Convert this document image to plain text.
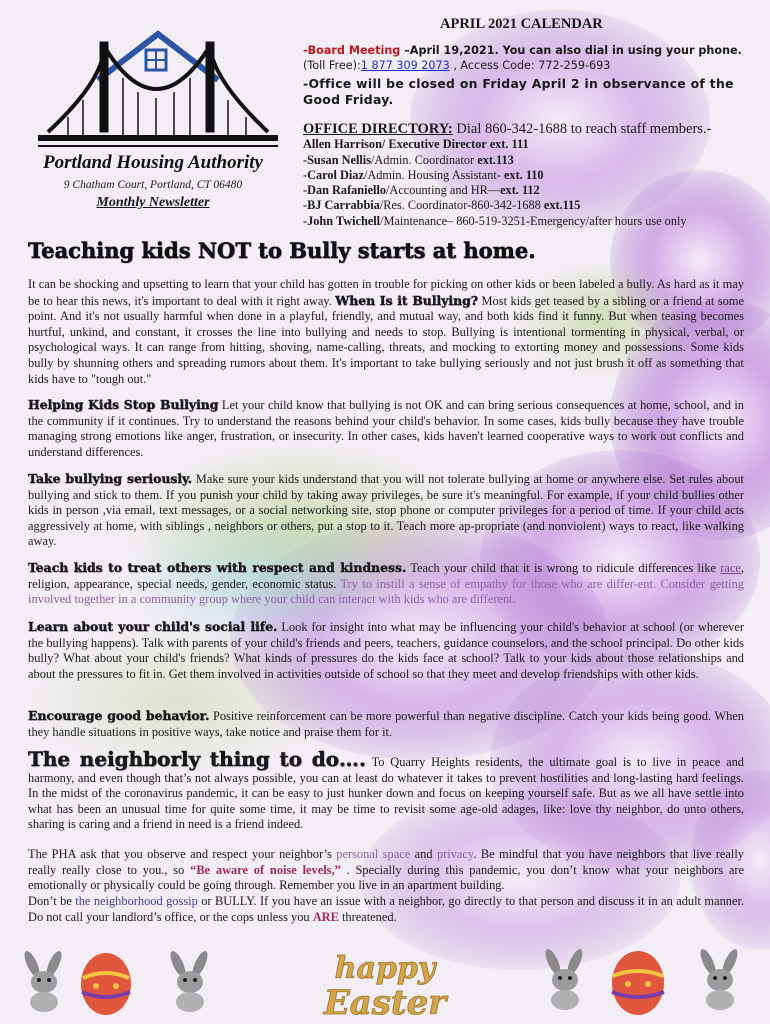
Portland Housing Authority
9 Chatham Court, Portland, CT 06480
Monthly Newsletter
APRIL 2021 CALENDAR
-Board Meeting –April 19,2021. You can also dial in using your phone. (Toll Free):1 877 309 2073 , Access Code: 772-259-693
-Office will be closed on Friday April 2 in observance of the Good Friday.
OFFICE DIRECTORY: Dial 860-342-1688 to reach staff members.-
Allen Harrison/ Executive Director ext. 111
-Susan Nellis/Admin. Coordinator ext.113
-Carol Diaz/Admin. Housing Assistant- ext. 110
-Dan Rafaniello/Accounting and HR—ext. 112
-BJ Carrabbia/Res. Coordinator-860-342-1688 ext.115
-John Twichell/Maintenance– 860-519-3251-Emergency/after hours use only
Teaching kids NOT to Bully starts at home.
It can be shocking and upsetting to learn that your child has gotten in trouble for picking on other kids or been labeled a bully. As hard as it may be to hear this news, it's important to deal with it right away. When Is it Bullying? Most kids get teased by a sibling or a friend at some point. And it's not usually harmful when done in a playful, friendly, and mutual way, and both kids find it funny. But when teasing becomes hurtful, unkind, and constant, it crosses the line into bullying and needs to stop. Bullying is intentional tormenting in physical, verbal, or psychological ways. It can range from hitting, shoving, name-calling, threats, and mocking to extorting money and possessions. Some kids bully by shunning others and spreading rumors about them. It's important to take bullying seriously and not just brush it off as something that kids have to "tough out."
Helping Kids Stop Bullying Let your child know that bullying is not OK and can bring serious consequences at home, school, and in the community if it continues. Try to understand the reasons behind your child's behavior. In some cases, kids bully because they have trouble managing strong emotions like anger, frustration, or insecurity. In other cases, kids haven't learned cooperative ways to work out conflicts and understand differences.
Take bullying seriously. Make sure your kids understand that you will not tolerate bullying at home or anywhere else. Set rules about bullying and stick to them. If you punish your child by taking away privileges, be sure it's meaningful. For example, if your child bullies other kids in person ,via email, text messages, or a social networking site, stop phone or computer privileges for a period of time. If your child acts aggressively at home, with siblings , neighbors or others, put a stop to it. Teach more ap-propriate (and nonviolent) ways to react, like walking away.
Teach kids to treat others with respect and kindness. Teach your child that it is wrong to ridicule differences like race, religion, appearance, special needs, gender, economic status. Try to instill a sense of empathy for those who are differ-ent. Consider getting involved together in a community group where your child can interact with kids who are different.
Learn about your child's social life. Look for insight into what may be influencing your child's behavior at school (or wherever the bullying happens). Talk with parents of your child's friends and peers, teachers, guidance counselors, and the school principal. Do other kids bully? What about your child's friends? What kinds of pressures do the kids face at school? Talk to your kids about those relationships and about the pressures to fit in. Get them involved in activities outside of school so that they meet and develop friendships with other kids.
Encourage good behavior. Positive reinforcement can be more powerful than negative discipline. Catch your kids being good. When they handle situations in positive ways, take notice and praise them for it.
The neighborly thing to do…. To Quarry Heights residents, the ultimate goal is to live in peace and harmony, and even though that’s not always possible, you can at least do whatever it takes to prevent hostilities and long-lasting hard feelings. In the midst of the coronavirus pandemic, it can be easy to just hunker down and focus on keeping yourself safe. But as we all have settle into what has been an unusual time for quite some time, it may be time to revisit some age-old adages, like: love thy neighbor, do unto others, sharing is caring and a friend in need is a friend indeed.
The PHA ask that you observe and respect your neighbor’s personal space and privacy. Be mindful that you have neighbors that live really really really close to you., so “Be aware of noise levels,” . Specially during this pandemic, you don’t know what your neighbors are emotionally or physically could be going through. Remember you live in an apartment building.
Don’t be the neighborhood gossip or BULLY. If you have an issue with a neighbor, go directly to that person and discuss it in an adult manner. Do not call your landlord’s office, or the cops unless you ARE threatened.
happy
Easter
